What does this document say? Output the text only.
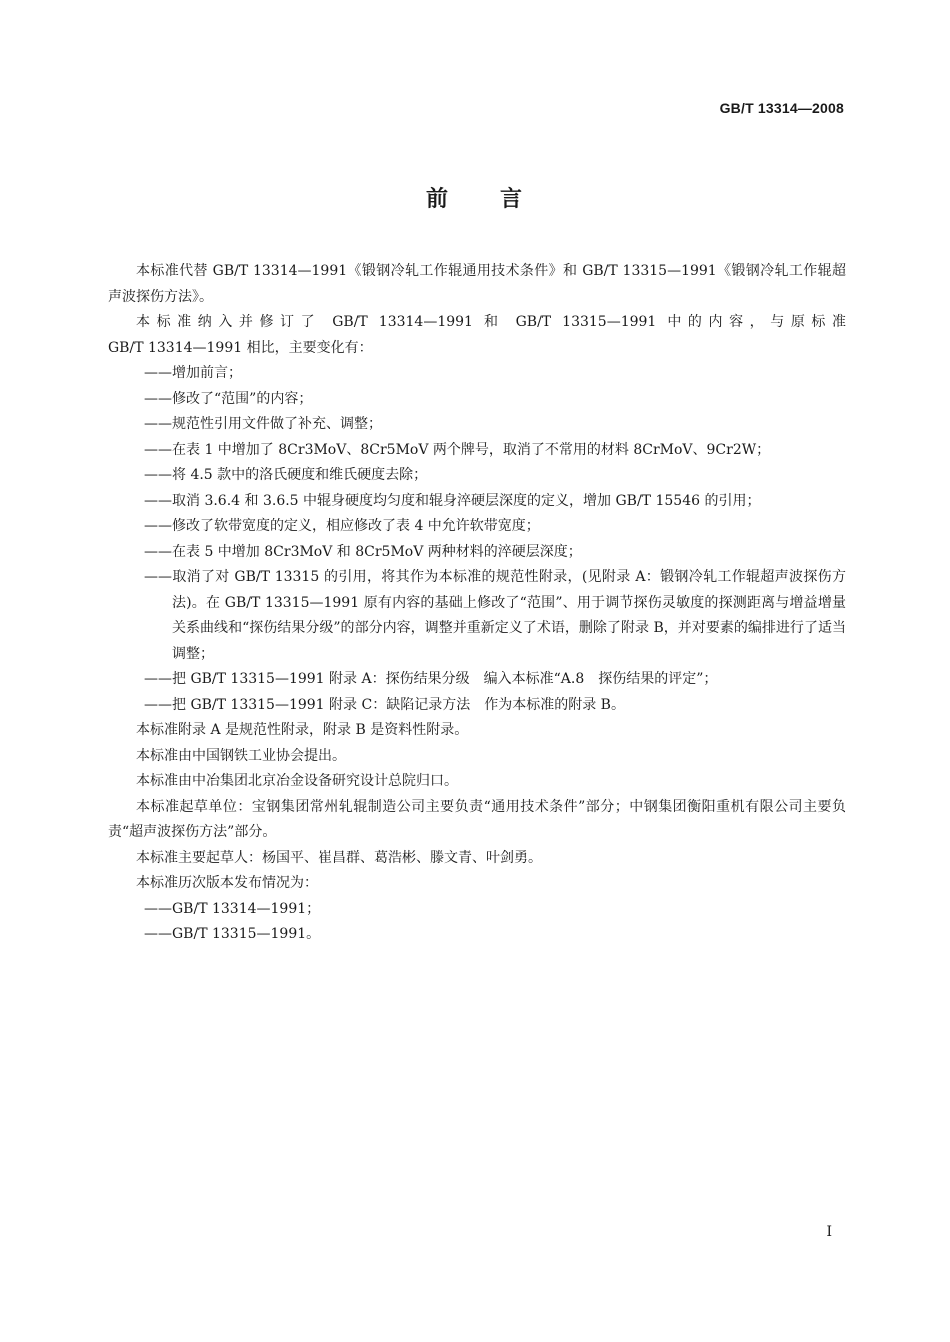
GB/T 13314—2008
前 言

本标准代替 GB/T 13314—1991《锻钢冷轧工作辊通用技术条件》和 GB/T 13315—1991《锻钢冷轧工作辊超声波探伤方法》。

本标准纳入并修订了 GB/T 13314—1991 和 GB/T 13315—1991 中的内容，与原标准

GB/T 13314—1991 相比，主要变化有：

——增加前言；

——修改了“范围”的内容；

——规范性引用文件做了补充、调整；

——在表 1 中增加了 8Cr3MoV、8Cr5MoV 两个牌号，取消了不常用的材料 8CrMoV、9Cr2W；

——将 4.5 款中的洛氏硬度和维氏硬度去除；

——取消 3.6.4 和 3.6.5 中辊身硬度均匀度和辊身淬硬层深度的定义，增加 GB/T 15546 的引用；

——修改了软带宽度的定义，相应修改了表 4 中允许软带宽度；

——在表 5 中增加 8Cr3MoV 和 8Cr5MoV 两种材料的淬硬层深度；

——取消了对 GB/T 13315 的引用，将其作为本标准的规范性附录，(见附录 A：锻钢冷轧工作辊超声波探伤方法)。在 GB/T 13315—1991 原有内容的基础上修改了“范围”、用于调节探伤灵敏度的探测距离与增益增量关系曲线和“探伤结果分级”的部分内容，调整并重新定义了术语，删除了附录 B，并对要素的编排进行了适当调整；

——把 GB/T 13315—1991 附录 A：探伤结果分级　编入本标准“A.8　探伤结果的评定”；

——把 GB/T 13315—1991 附录 C：缺陷记录方法　作为本标准的附录 B。

本标准附录 A 是规范性附录，附录 B 是资料性附录。

本标准由中国钢铁工业协会提出。

本标准由中冶集团北京冶金设备研究设计总院归口。

本标准起草单位：宝钢集团常州轧辊制造公司主要负责“通用技术条件”部分；中钢集团衡阳重机有限公司主要负责“超声波探伤方法”部分。

本标准主要起草人：杨国平、崔昌群、葛浩彬、滕文青、叶剑勇。

本标准历次版本发布情况为：

——GB/T 13314—1991；

——GB/T 13315—1991。

I
